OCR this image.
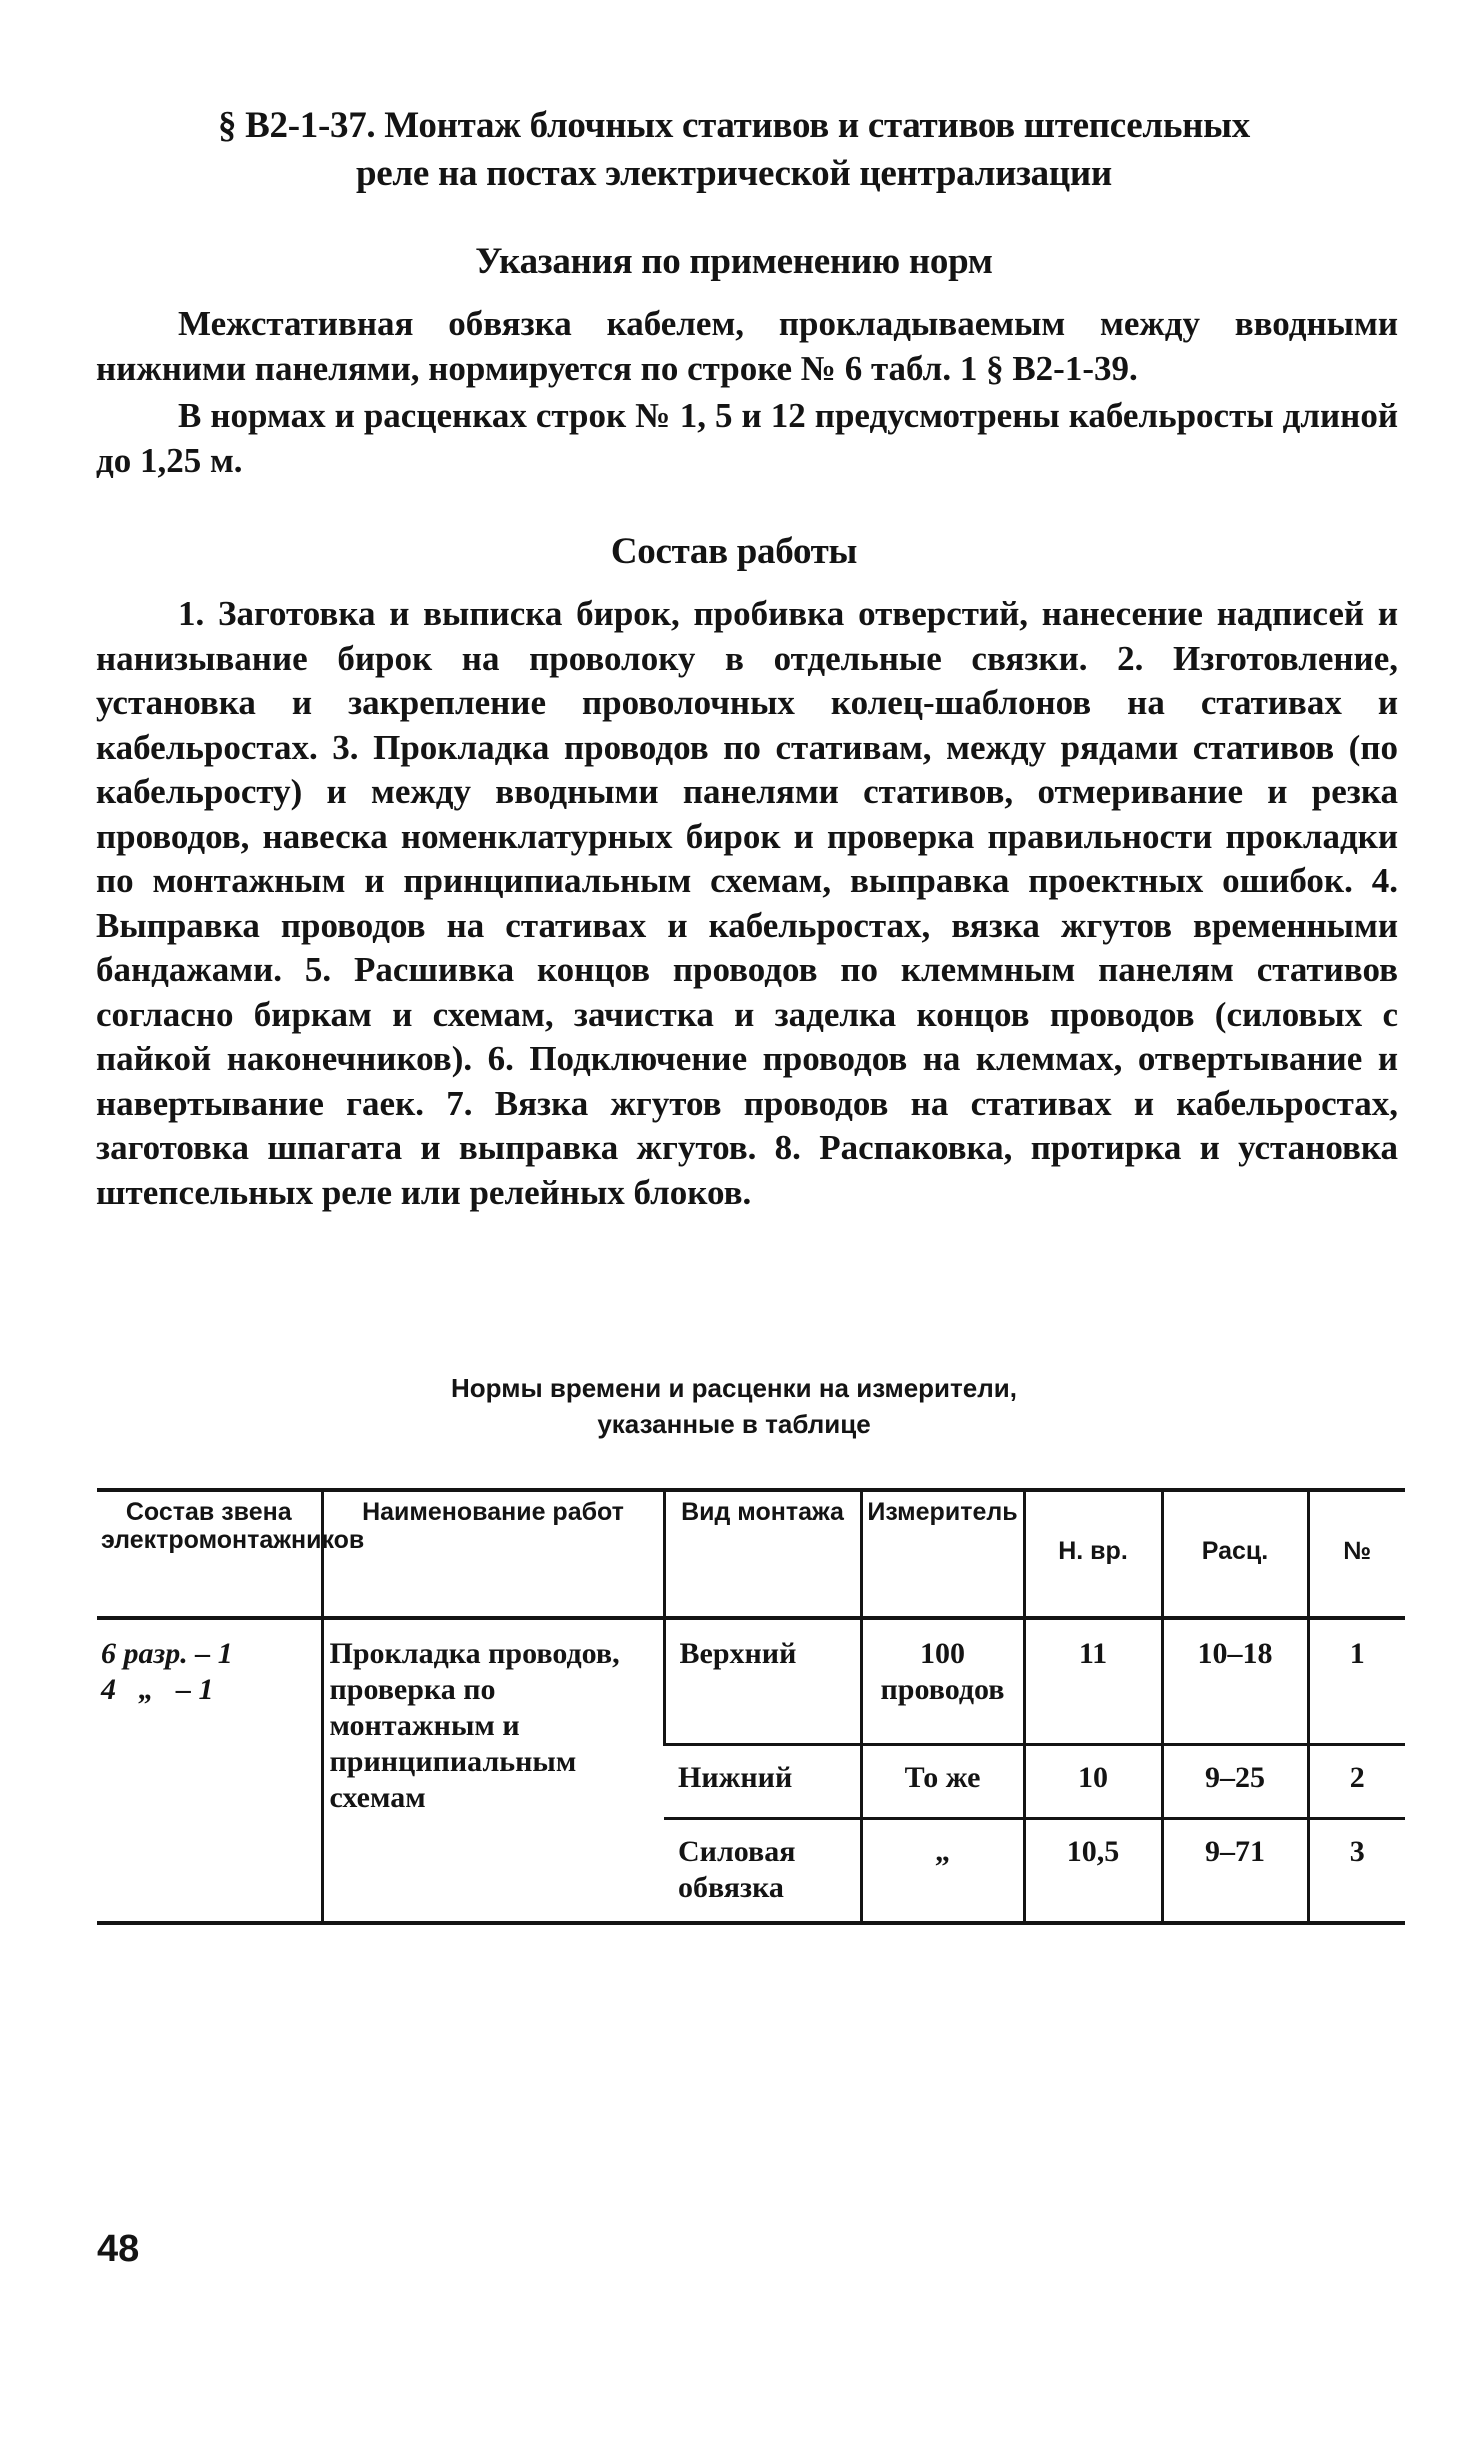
§ В2-1-37. Монтаж блочных стативов и стативов штепсельных
реле на постах электрической централизации
Указания по применению норм

Межстативная обвязка кабелем, прокладываемым между вводными нижними панелями, нормируется по строке № 6 табл. 1 § В2-1-39.

В нормах и расценках строк № 1, 5 и 12 предусмотрены кабельросты длиной до 1,25 м.

Состав работы

1. Заготовка и выписка бирок, пробивка отверстий, нанесение надписей и нанизывание бирок на проволоку в отдельные связки. 2. Изготовление, установка и закрепление проволочных колец-шаблонов на стативах и кабельростах. 3. Прокладка проводов по стативам, между рядами стативов (по кабельросту) и между вводными панелями стативов, отмеривание и резка проводов, навеска номенклатурных бирок и проверка правильности прокладки по монтажным и принципиальным схемам, выправка проектных ошибок. 4. Выправка проводов на стативах и кабельростах, вязка жгутов временными бандажами. 5. Расшивка концов проводов по клеммным панелям стативов согласно биркам и схемам, зачистка и заделка концов проводов (силовых с пайкой наконечников). 6. Подключение проводов на клеммах, отвертывание и навертывание гаек. 7. Вязка жгутов проводов на стативах и кабельростах, заготовка шпагата и выправка жгутов. 8. Распаковка, протирка и установка штепсельных реле или релейных блоков.

Нормы времени и расценки на измерители,
указанные в таблице
Состав звена электромонтажников	Наименование работ	Вид монтажа	Измеритель	Н. вр.	Расц.	№

6 разр. – 1
4   „   – 1	Прокладка проводов, проверка по монтажным и принципиальным схемам	Верхний	100 проводов	11	10–18	1
		Нижний	То же	10	9–25	2
		Силовая обвязка	„	10,5	9–71	3
48
